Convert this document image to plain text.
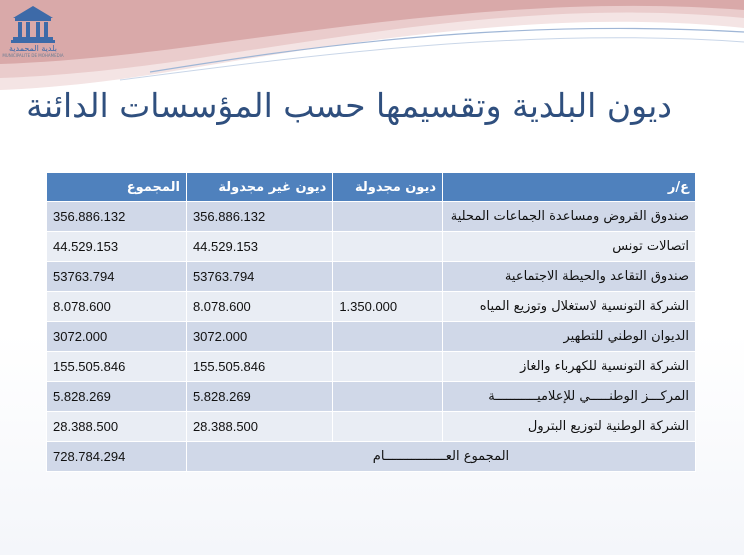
بلدية المحمدية
MUNICIPALITE DE MOHAMEDIA
ديون البلدية وتقسيمها حسب المؤسسات الدائنة
ع/ر	ديون مجدولة	ديون غير مجدولة	المجموع
صندوق القروض ومساعدة الجماعات المحلية		356.886.132	356.886.132
اتصالات تونس		44.529.153	44.529.153
صندوق التقاعد والحيطة الاجتماعية		53763.794	53763.794
الشركة التونسية لاستغلال وتوزيع المياه	1.350.000	8.078.600	8.078.600
الديوان الوطني للتطهير		3072.000	3072.000
الشركة التونسية للكهرباء والغاز		155.505.846	155.505.846
المركـــز الوطنـــــي للإعلاميـــــــــــة		5.828.269	5.828.269
الشركة الوطنية لتوزيع البترول		28.388.500	28.388.500
المجموع العــــــــــــــــام			728.784.294
